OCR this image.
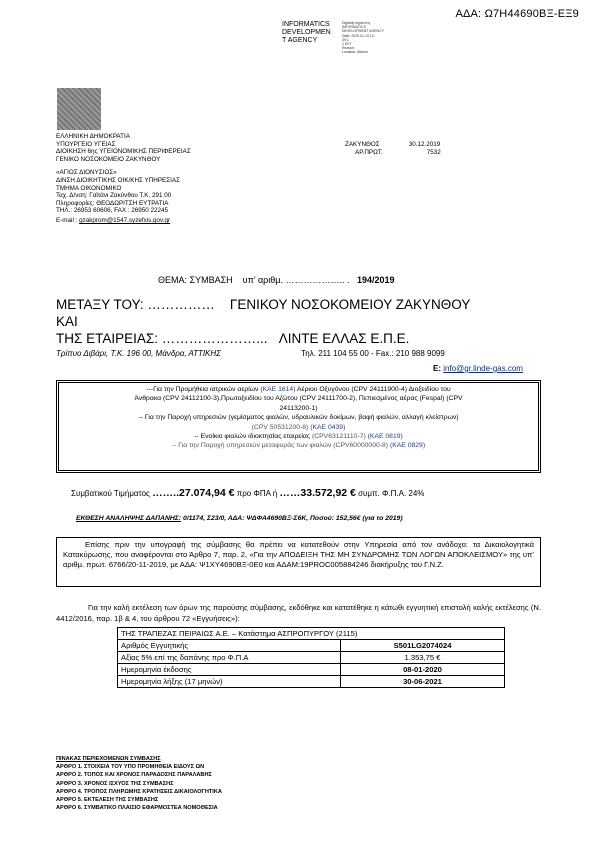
ΑΔΑ: Ω7Η44690ΒΞ-ΕΞ9
INFORMATICS
DEVELOPMEN
T AGENCY
Digitally signed by
INFORMATICS
DEVELOPMENT AGENCY
Date: 2020.01.13 12:
39:1
1 EET
Reason:
Location: Athens
ΕΛΛΗΝΙΚΗ ΔΗΜΟΚΡΑΤΙΑ
ΥΠΟΥΡΓΕΙΟ ΥΓΕΙΑΣ
ΔΙΟΙΚΗΣΗ 6ης ΥΓΕΙΟΝΟΜΙΚΗΣ ΠΕΡΙΦΕΡΕΙΑΣ
ΓΕΝΙΚΟ ΝΟΣΟΚΟΜΕΙΟ ΖΑΚΥΝΘΟΥ
«ΑΓΙΟΣ ΔΙΟΝΥΣΙΟΣ»
ΔΙΝΣΗ ΔΙΟΙΚΗΤΙΚΗΣ ΟΙΚ/ΚΗΣ ΥΠΗΡΕΣΙΑΣ
ΤΜΗΜΑ ΟΙΚΟΝΟΜΙΚΟ
Ταχ. Δ/νση: Γαϊτάνι Ζακύνθου Τ.Κ. 291 00
Πληροφορίες: ΘΕΟΔΩΡΙΤΣΗ ΕΥΤΡΑΤΙΑ
ΤΗΛ.: 26953 60606, FAX : 26950 22245
E-mail : gzakprom@1547.syzefxis.gov.gr
ΖΑΚΥΝΘΟΣ	30.12.2019
ΑΡ.ΠΡΩΤ.	7532
ΘΕΜΑ: ΣΥΜΒΑΣΗ υπ’ αριθμ. ……………….. . 194/2019
ΜΕΤΑΞΥ ΤΟΥ: …………… ΓΕΝΙΚΟΥ ΝΟΣΟΚΟΜΕΙΟΥ ΖΑΚΥΝΘΟΥ
ΚΑΙ
ΤΗΣ ΕΤΑΙΡΕΙΑΣ: …………………... ΛΙΝΤΕ ΕΛΛΑΣ Ε.Π.Ε.
Τρίπυο Διβάρι, Τ.Κ. 196 00, Μάνδρα, ΑΤΤΙΚΗΣ	Τηλ. 211 104 55 00 - Fax.: 210 988 9099
E: info@gr.linde-gas.com
---Για την Προμήθεια ιατρικών αερίων (ΚΑΕ 1614) Αέριου Οξυγόνου (CPV 24111900-4) Διοξειδίου του
Άνθρακα (CPV 24112100-3),Πρωτοξειδίου του Αζώτου (CPV 24111700-2), Πεπιεσμένος αέρας (Fespal) (CPV
24113200-1)
-- Για την Παροχή υπηρεσιών (γεμίσματος φιαλών, υδραυλικών δοκίμων, βαφή φιαλών, αλλαγή κλείστρων)
(CPV 50531200-8) (ΚΑΕ 0439)
-- Ενοίκιο φιαλών ιδιοκτησίας εταιρείας (CPV63121110-7) (ΚΑΕ 0819)
-- Για την Παροχή υπηρεσιών μεταφοράς των φιαλών (CPV60000000-8) (ΚΑΕ 0829)
Συμβατικού Τιμήματος ……..27.074,94 € προ ΦΠΑ ή ……33.572,92 € συμπ. Φ.Π.Α. 24%
ΕΚΘΕΣΗ ΑΝΑΛΗΨΗΣ ΔΑΠΑΝΗΣ: 0/1174, Σ23/0, ΑΔΑ: ΨΔΦΑ4690ΒΞ-Σ6Κ, Ποσού: 152,56€ (για το 2019)
Επίσης πριν την υπογραφή της σύμβασης θα πρέπει να κατατεθούν στην Υπηρεσία από τον ανάδοχο: τα Δικαιολογητικά Κατακύρωσης, που αναφέρονται στο Άρθρο 7, παρ. 2, «Για την ΑΠΟΔΕΙΞΗ ΤΗΣ ΜΗ ΣΥΝΔΡΟΜΗΣ ΤΩΝ ΛΟΓΩΝ ΑΠΟΚΛΕΙΣΜΟΥ» της υπ’ αριθμ. πρωτ. 6766/20-11-2019, με ΑΔΑ: Ψ1ΧΥ4690ΒΞ-0Ε0 και ΑΔΑΜ:19PROC005884246 διακήρυξης του Γ.Ν.Ζ.
Για την καλή εκτέλεση των όρων της παρούσης σύμβασης, εκδόθηκε και κατατέθηκε η κάτωθι εγγυητική επιστολή καλής εκτέλεσης (Ν. 4412/2016, παρ. 1β & 4, του άρθρου 72 «Εγγυήσεις»):
ΤΗΣ ΤΡΑΠΕΖΑΣ ΠΕΙΡΑΙΩΣ Α.Ε. – Κατάστημα ΑΣΠΡΟΠΥΡΓΟΥ (2115)	
Αριθμός Εγγυητικής	S501LG2074024
Αξίας 5% επί της δαπάνης προ Φ.Π.Α	1.353,75 €
Ημερομηνία έκδοσης	08-01-2020
Ημερομηνία λήξης (17 μηνών)	30-06-2021
ΠΙΝΑΚΑΣ ΠΕΡΙΕΧΟΜΕΝΩΝ ΣΥΜΒΑΣΗΣ
ΑΡΘΡΟ 1. ΣΤΟΙΧΕΙΑ ΤΟΥ ΥΠΟ ΠΡΟΜΗΘΕΙΑ ΕΙΔΟΥΣ ΩΝ
ΑΡΘΡΟ 2. ΤΟΠΟΣ ΚΑΙ ΧΡΟΝΟΣ ΠΑΡΑΔΟΣΗΣ ΠΑΡΑΛΑΒΗΣ
ΑΡΘΡΟ 3. ΧΡΟΝΟΣ ΙΣΧΥΟΣ ΤΗΣ ΣΥΜΒΑΣΗΣ
ΑΡΘΡΟ 4. ΤΡΟΠΟΣ ΠΛΗΡΩΜΗΣ ΚΡΑΤΗΣΕΙΣ ΔΙΚΑΙΟΛΟΓΗΤΙΚΑ
ΑΡΘΡΟ 5. ΕΚΤΕΛΕΣΗ ΤΗΣ ΣΥΜΒΑΣΗΣ
ΑΡΘΡΟ 6. ΣΥΜΒΑΤΙΚΟ ΠΛΑΙΣΙΟ ΕΦΑΡΜΟΣΤΕΑ ΝΟΜΟΘΕΣΙΑ
